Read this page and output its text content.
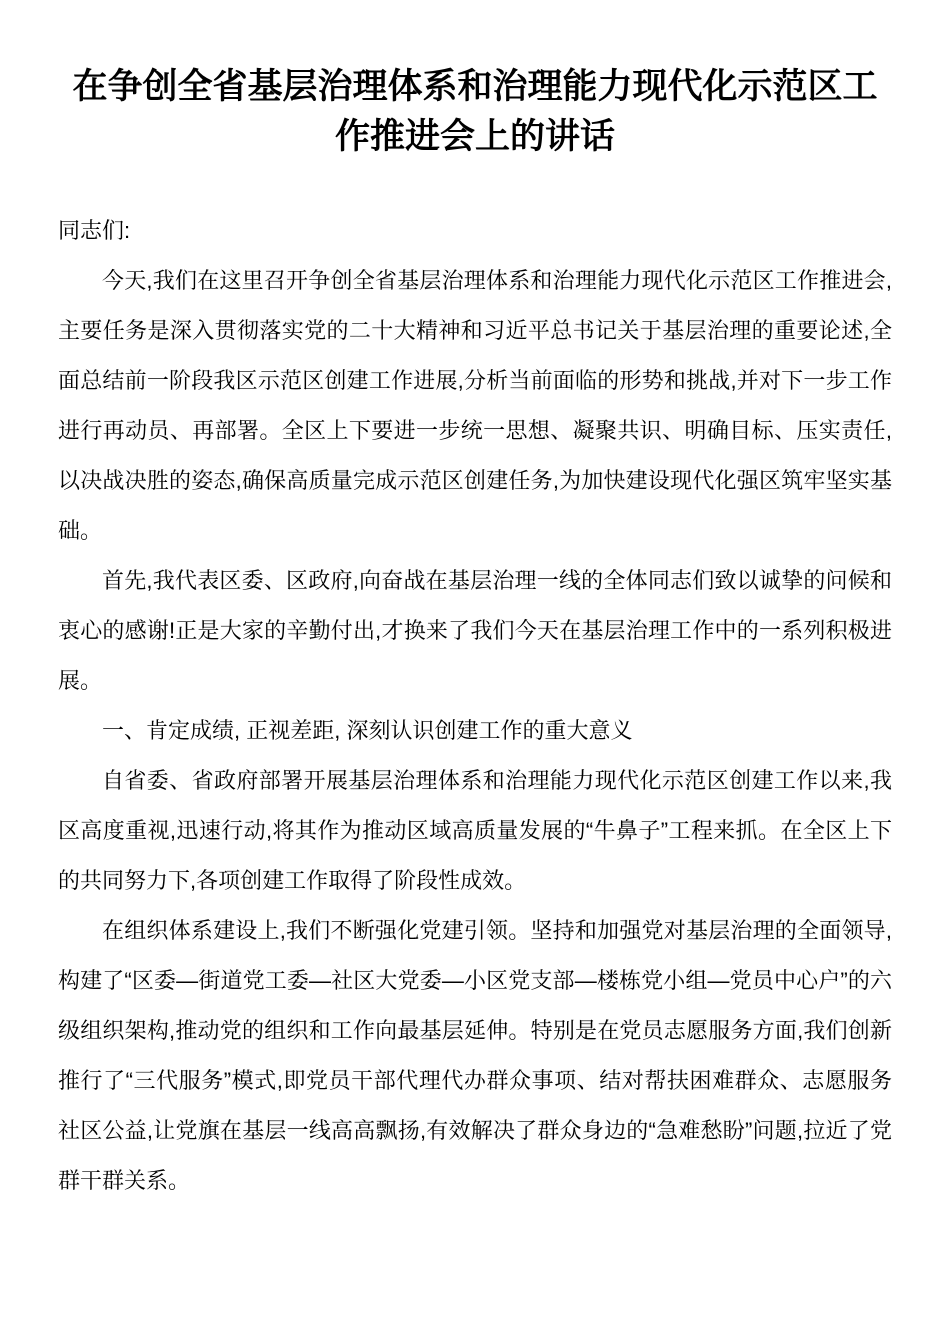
在争创全省基层治理体系和治理能力现代化示范区工作推进会上的讲话

同志们:

今天,我们在这里召开争创全省基层治理体系和治理能力现代化示范区工作推进会,主要任务是深入贯彻落实党的二十大精神和习近平总书记关于基层治理的重要论述,全面总结前一阶段我区示范区创建工作进展,分析当前面临的形势和挑战,并对下一步工作进行再动员、再部署。全区上下要进一步统一思想、凝聚共识、明确目标、压实责任,以决战决胜的姿态,确保高质量完成示范区创建任务,为加快建设现代化强区筑牢坚实基础。

首先,我代表区委、区政府,向奋战在基层治理一线的全体同志们致以诚挚的问候和衷心的感谢!正是大家的辛勤付出,才换来了我们今天在基层治理工作中的一系列积极进展。

一、肯定成绩, 正视差距, 深刻认识创建工作的重大意义

自省委、省政府部署开展基层治理体系和治理能力现代化示范区创建工作以来,我区高度重视,迅速行动,将其作为推动区域高质量发展的“牛鼻子”工程来抓。在全区上下的共同努力下,各项创建工作取得了阶段性成效。

在组织体系建设上,我们不断强化党建引领。坚持和加强党对基层治理的全面领导,构建了“区委—街道党工委—社区大党委—小区党支部—楼栋党小组—党员中心户”的六级组织架构,推动党的组织和工作向最基层延伸。特别是在党员志愿服务方面,我们创新推行了“三代服务”模式,即党员干部代理代办群众事项、结对帮扶困难群众、志愿服务社区公益,让党旗在基层一线高高飘扬,有效解决了群众身边的“急难愁盼”问题,拉近了党群干群关系。
